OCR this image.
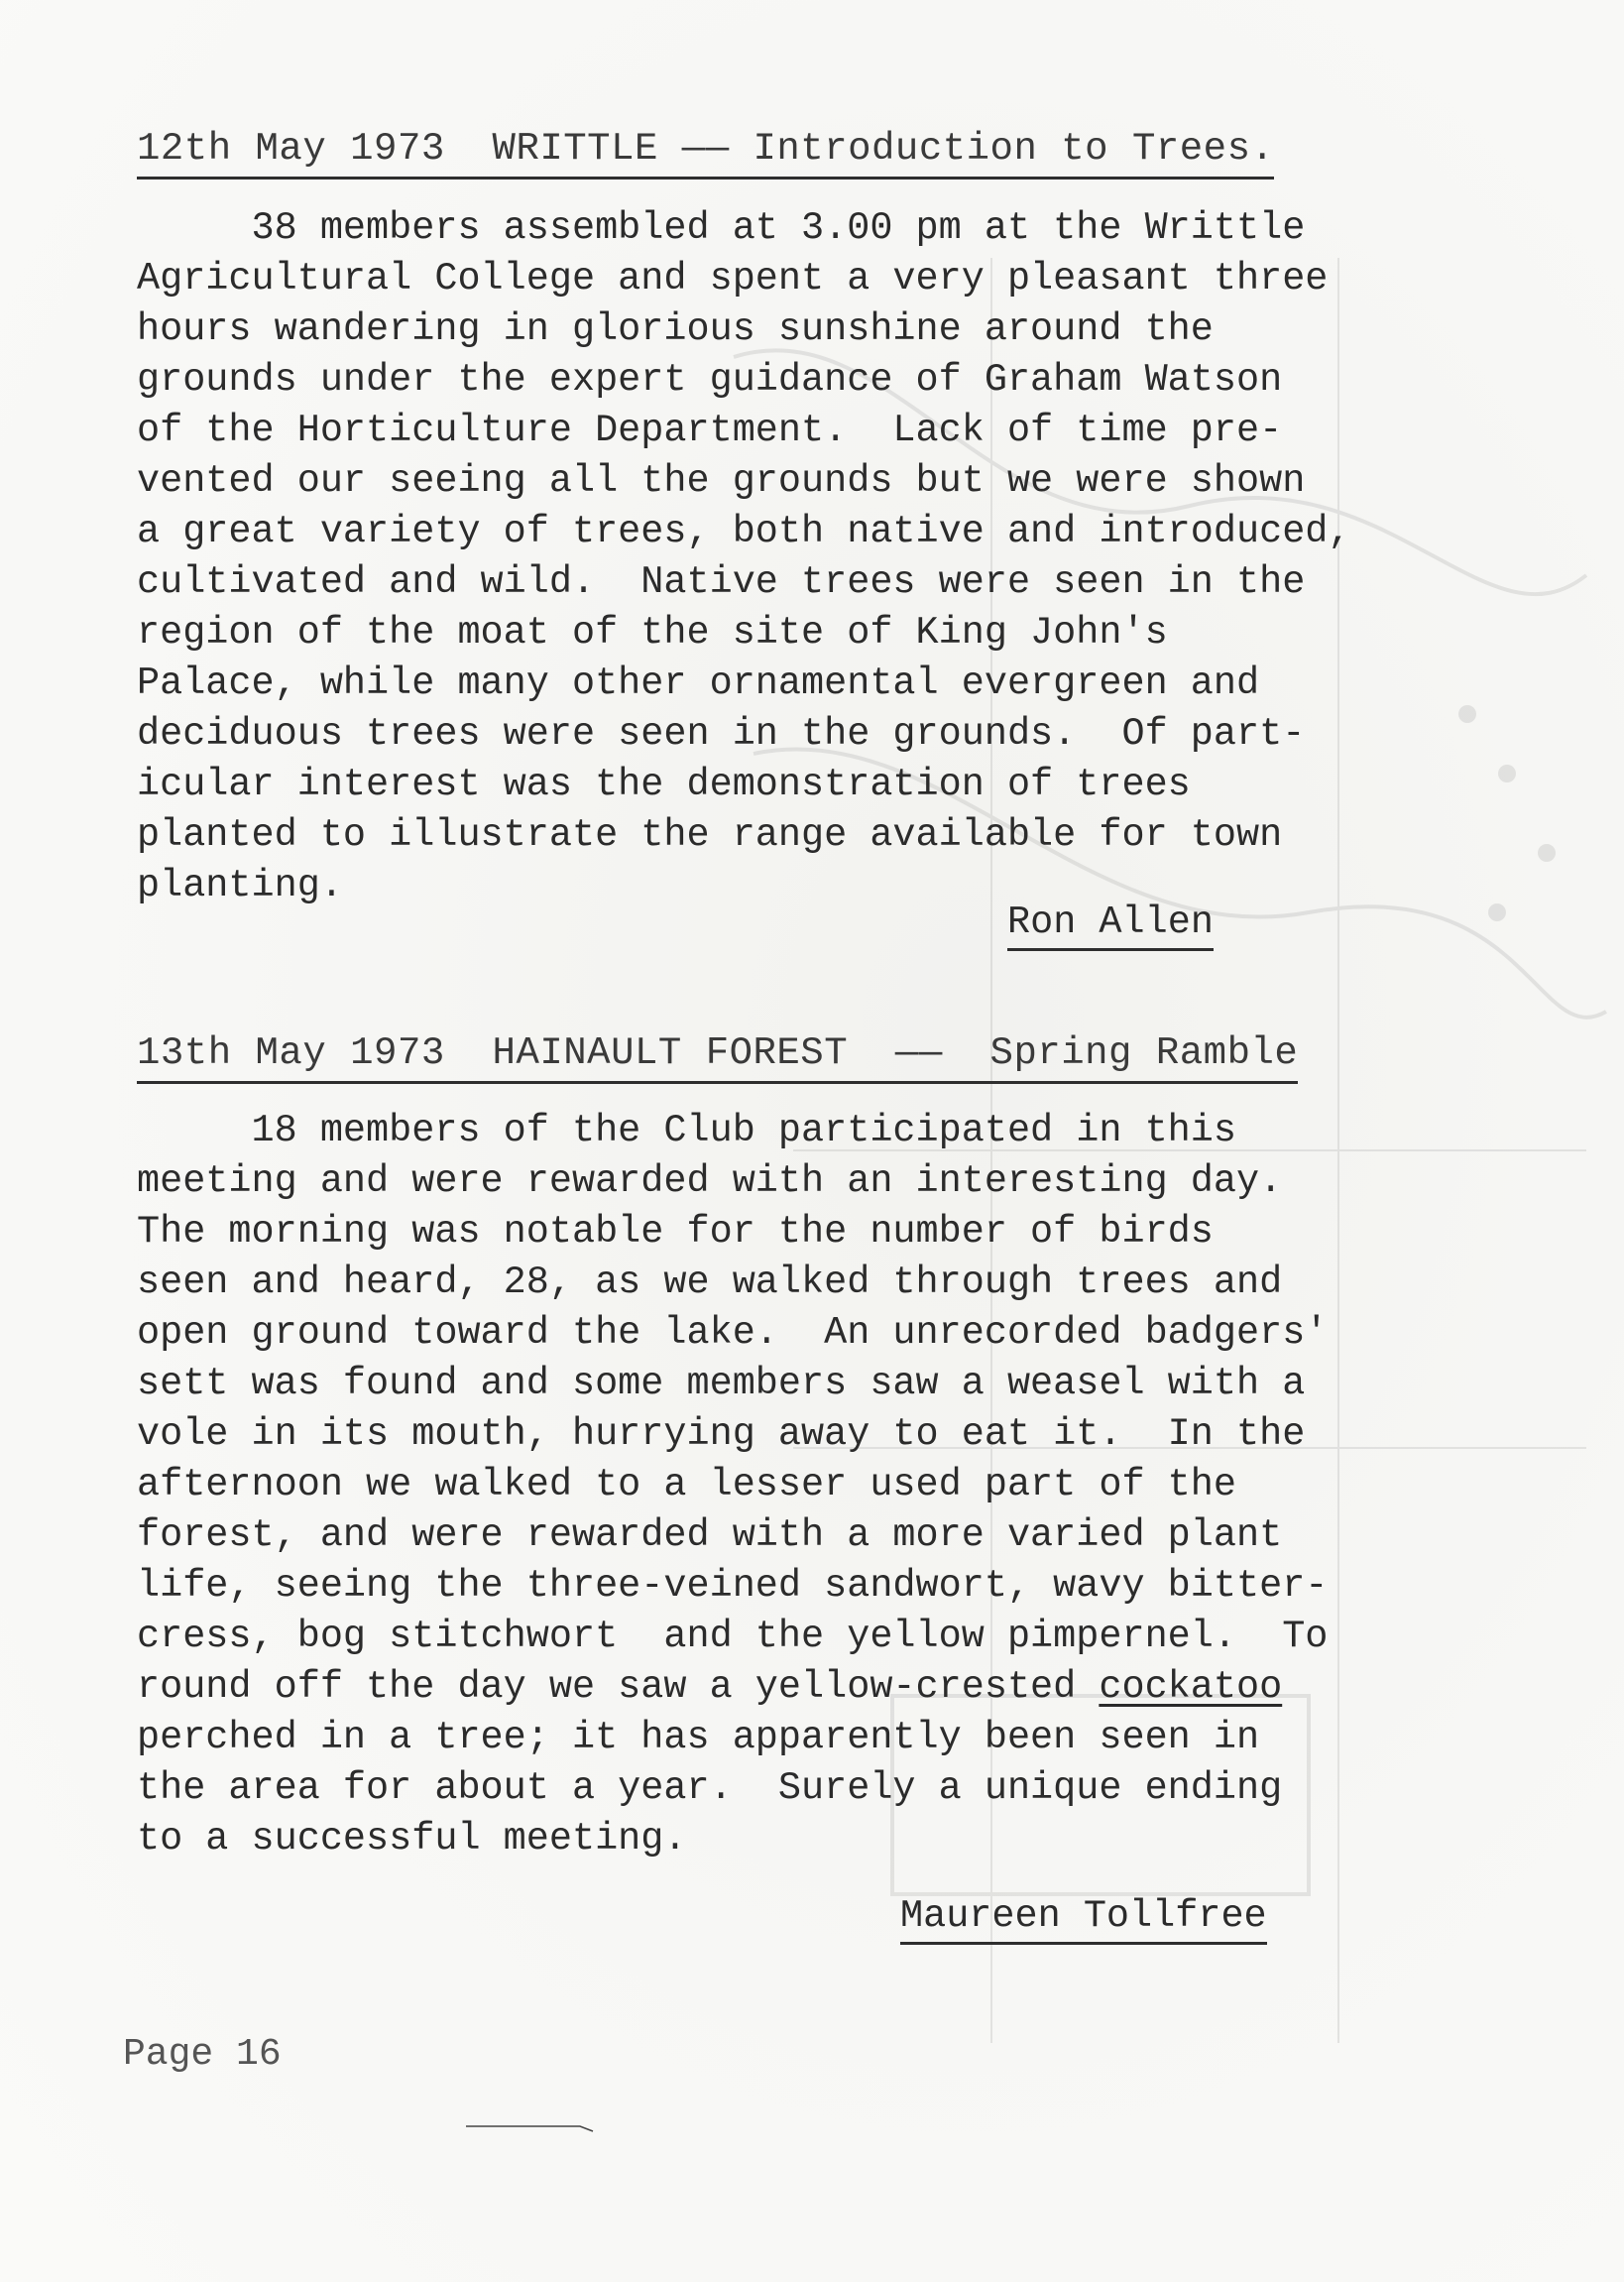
12th May 1973  WRITTLE —— Introduction to Trees.
38 members assembled at 3.00 pm at the Writtle
Agricultural College and spent a very pleasant three
hours wandering in glorious sunshine around the
grounds under the expert guidance of Graham Watson
of the Horticulture Department.  Lack of time pre-
vented our seeing all the grounds but we were shown
a great variety of trees, both native and introduced,
cultivated and wild.  Native trees were seen in the
region of the moat of the site of King John's
Palace, while many other ornamental evergreen and
deciduous trees were seen in the grounds.  Of part-
icular interest was the demonstration of trees
planted to illustrate the range available for town
planting.
Ron Allen
13th May 1973  HAINAULT FOREST  ——  Spring Ramble
18 members of the Club participated in this
meeting and were rewarded with an interesting day.
The morning was notable for the number of birds
seen and heard, 28, as we walked through trees and
open ground toward the lake.  An unrecorded badgers'
sett was found and some members saw a weasel with a
vole in its mouth, hurrying away to eat it.  In the
afternoon we walked to a lesser used part of the
forest, and were rewarded with a more varied plant
life, seeing the three-veined sandwort, wavy bitter-
cress, bog stitchwort  and the yellow pimpernel.  To
round off the day we saw a yellow-crested cockatoo
perched in a tree; it has apparently been seen in
the area for about a year.  Surely a unique ending
to a successful meeting.
Maureen Tollfree
Page 16
